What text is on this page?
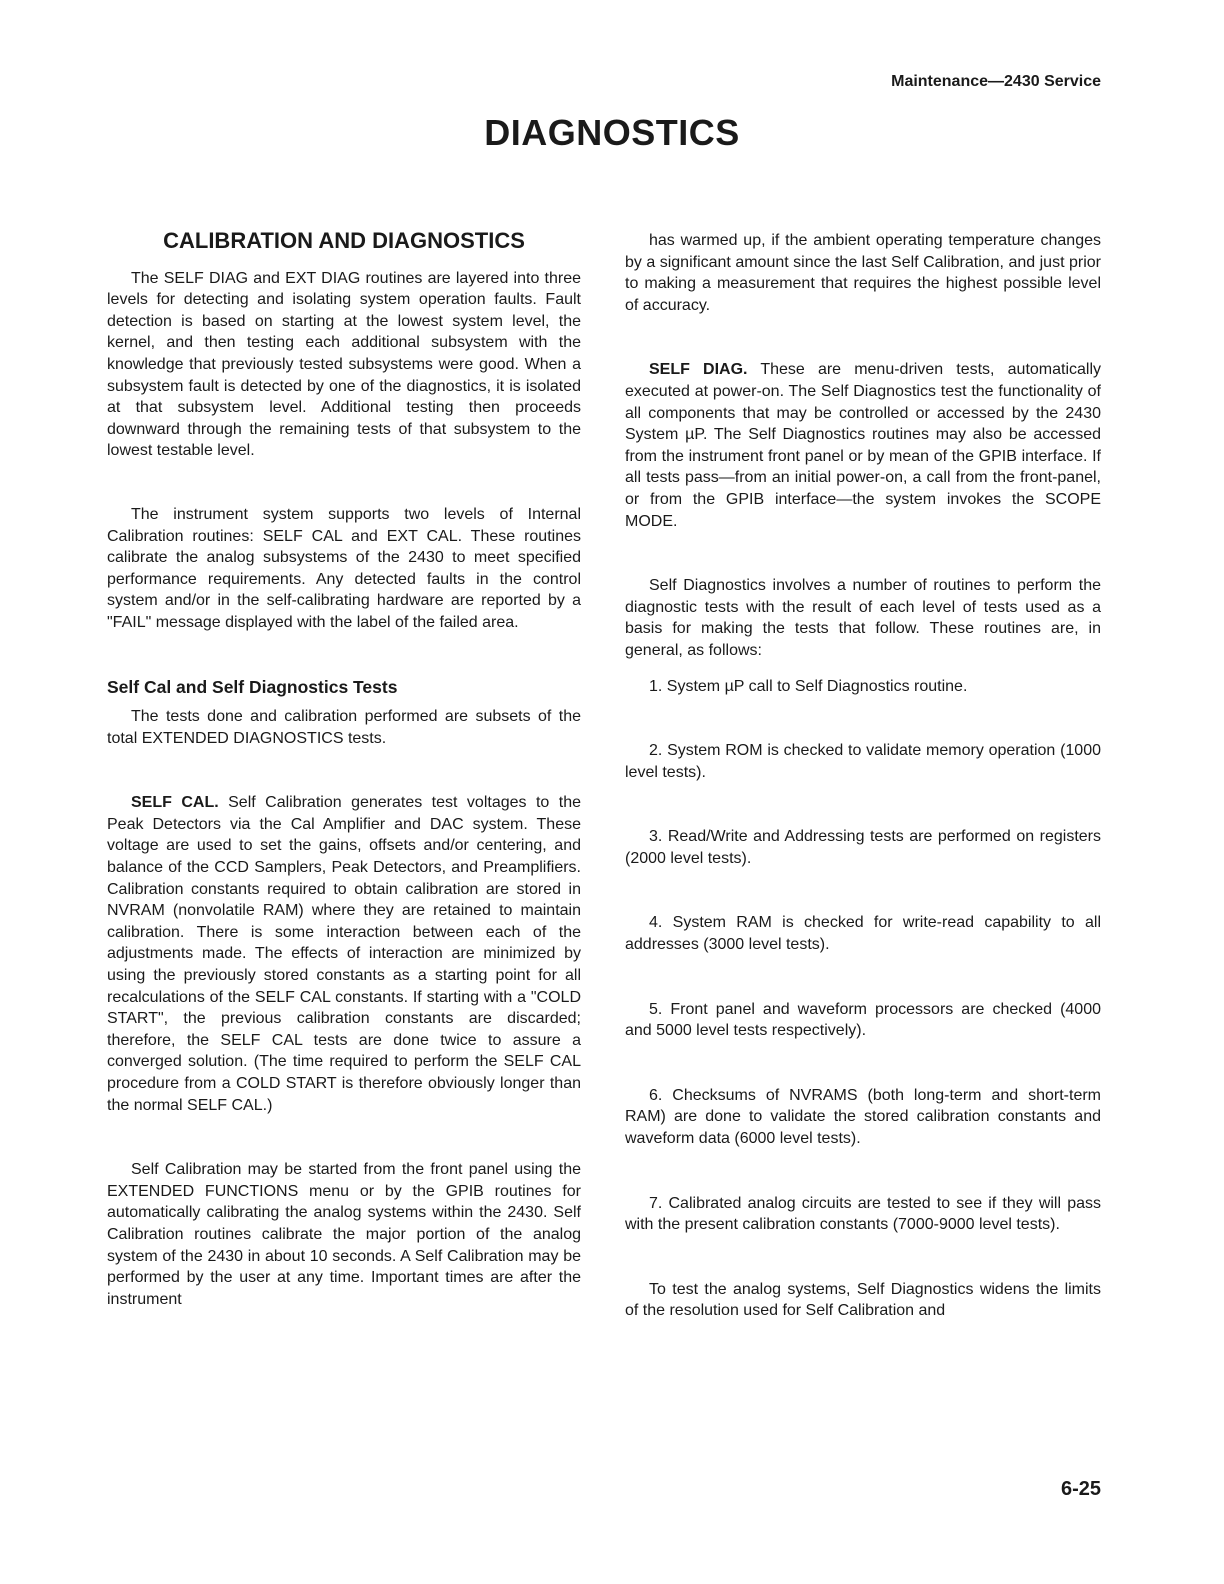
Maintenance—2430 Service
DIAGNOSTICS
CALIBRATION AND DIAGNOSTICS

The SELF DIAG and EXT DIAG routines are layered into three levels for detecting and isolating system operation faults. Fault detection is based on starting at the lowest system level, the kernel, and then testing each additional subsystem with the knowledge that previously tested subsystems were good. When a subsystem fault is detected by one of the diagnostics, it is isolated at that subsystem level. Additional testing then proceeds downward through the remaining tests of that subsystem to the lowest testable level.

The instrument system supports two levels of Internal Calibration routines: SELF CAL and EXT CAL. These routines calibrate the analog subsystems of the 2430 to meet specified performance requirements. Any detected faults in the control system and/or in the self-calibrating hardware are reported by a "FAIL" message displayed with the label of the failed area.

Self Cal and Self Diagnostics Tests

The tests done and calibration performed are subsets of the total EXTENDED DIAGNOSTICS tests.

SELF CAL. Self Calibration generates test voltages to the Peak Detectors via the Cal Amplifier and DAC system. These voltage are used to set the gains, offsets and/or centering, and balance of the CCD Samplers, Peak Detectors, and Preamplifiers. Calibration constants required to obtain calibration are stored in NVRAM (nonvolatile RAM) where they are retained to maintain calibration. There is some interaction between each of the adjustments made. The effects of interaction are minimized by using the previously stored constants as a starting point for all recalculations of the SELF CAL constants. If starting with a "COLD START", the previous calibration constants are discarded; therefore, the SELF CAL tests are done twice to assure a converged solution. (The time required to perform the SELF CAL procedure from a COLD START is therefore obviously longer than the normal SELF CAL.)

Self Calibration may be started from the front panel using the EXTENDED FUNCTIONS menu or by the GPIB routines for automatically calibrating the analog systems within the 2430. Self Calibration routines calibrate the major portion of the analog system of the 2430 in about 10 seconds. A Self Calibration may be performed by the user at any time. Important times are after the instrument

has warmed up, if the ambient operating temperature changes by a significant amount since the last Self Calibration, and just prior to making a measurement that requires the highest possible level of accuracy.

SELF DIAG. These are menu-driven tests, automatically executed at power-on. The Self Diagnostics test the functionality of all components that may be controlled or accessed by the 2430 System µP. The Self Diagnostics routines may also be accessed from the instrument front panel or by mean of the GPIB interface. If all tests pass—from an initial power-on, a call from the front-panel, or from the GPIB interface—the system invokes the SCOPE MODE.

Self Diagnostics involves a number of routines to perform the diagnostic tests with the result of each level of tests used as a basis for making the tests that follow. These routines are, in general, as follows:

1. System µP call to Self Diagnostics routine.

2. System ROM is checked to validate memory operation (1000 level tests).

3. Read/Write and Addressing tests are performed on registers (2000 level tests).

4. System RAM is checked for write-read capability to all addresses (3000 level tests).

5. Front panel and waveform processors are checked (4000 and 5000 level tests respectively).

6. Checksums of NVRAMS (both long-term and short-term RAM) are done to validate the stored calibration constants and waveform data (6000 level tests).

7. Calibrated analog circuits are tested to see if they will pass with the present calibration constants (7000-9000 level tests).

To test the analog systems, Self Diagnostics widens the limits of the resolution used for Self Calibration and

6-25
